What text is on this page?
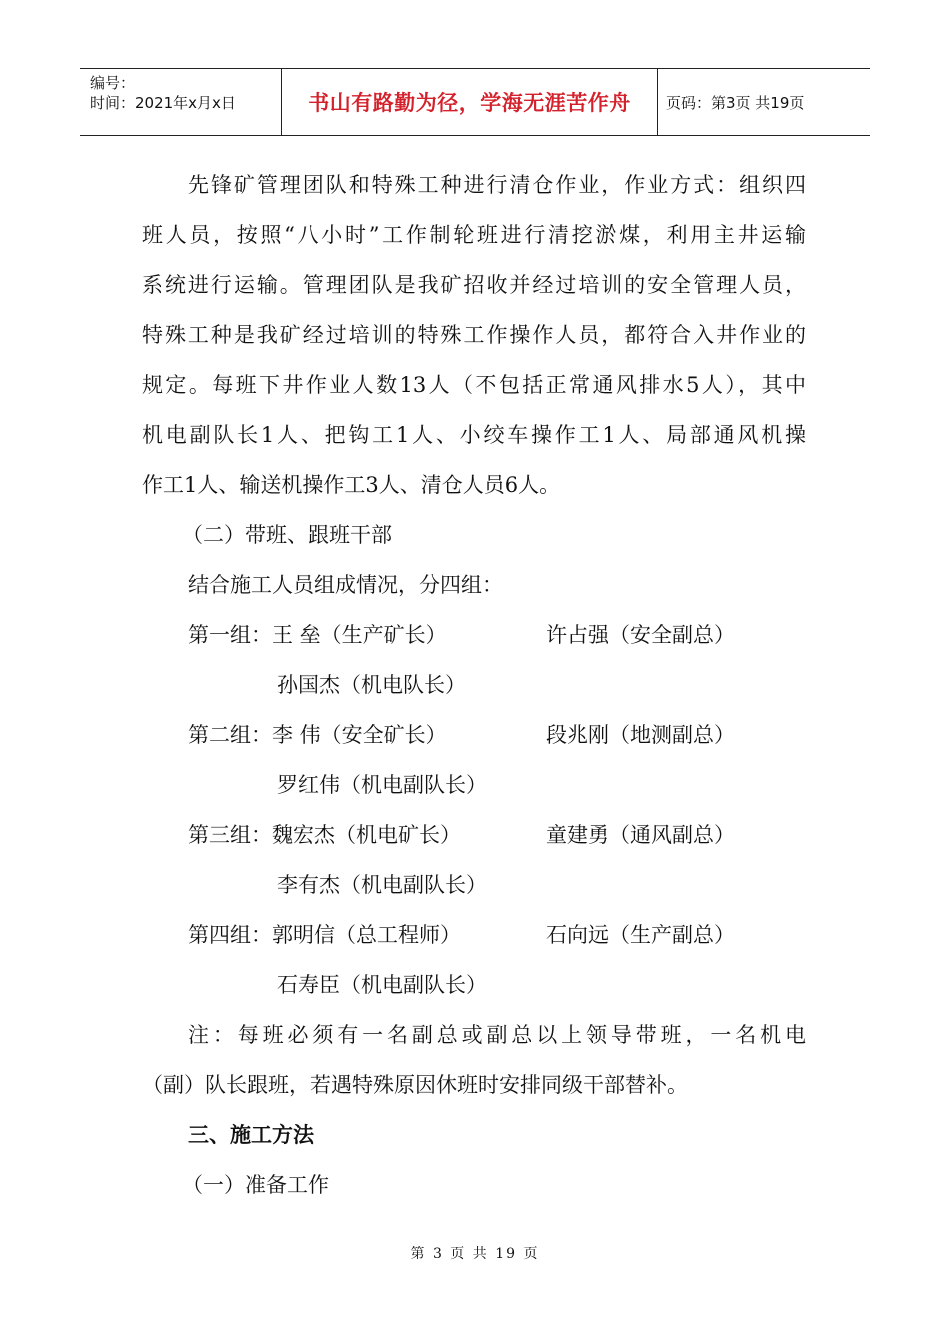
编号：
时间：2021年x月x日	书山有路勤为径，学海无涯苦作舟	页码：第3页 共19页
先锋矿管理团队和特殊工种进行清仓作业，作业方式：组织四
班人员，按照“八小时”工作制轮班进行清挖淤煤，利用主井运输
系统进行运输。管理团队是我矿招收并经过培训的安全管理人员，
特殊工种是我矿经过培训的特殊工作操作人员，都符合入井作业的
规定。每班下井作业人数13人（不包括正常通风排水5人），其中
机电副队长1人、把钩工1人、小绞车操作工1人、局部通风机操
作工1人、输送机操作工3人、清仓人员6人。
（二）带班、跟班干部
结合施工人员组成情况，分四组：
第一组：王 垒（生产矿长）	许占强（安全副总）
孙国杰（机电队长）
第二组：李 伟（安全矿长）	段兆刚（地测副总）
罗红伟（机电副队长）
第三组：魏宏杰（机电矿长）	童建勇（通风副总）
李有杰（机电副队长）
第四组：郭明信（总工程师）	石向远（生产副总）
石寿臣（机电副队长）
注：每班必须有一名副总或副总以上领导带班，一名机电
（副）队长跟班，若遇特殊原因休班时安排同级干部替补。
三、施工方法
（一）准备工作
第 3 页 共 19 页
